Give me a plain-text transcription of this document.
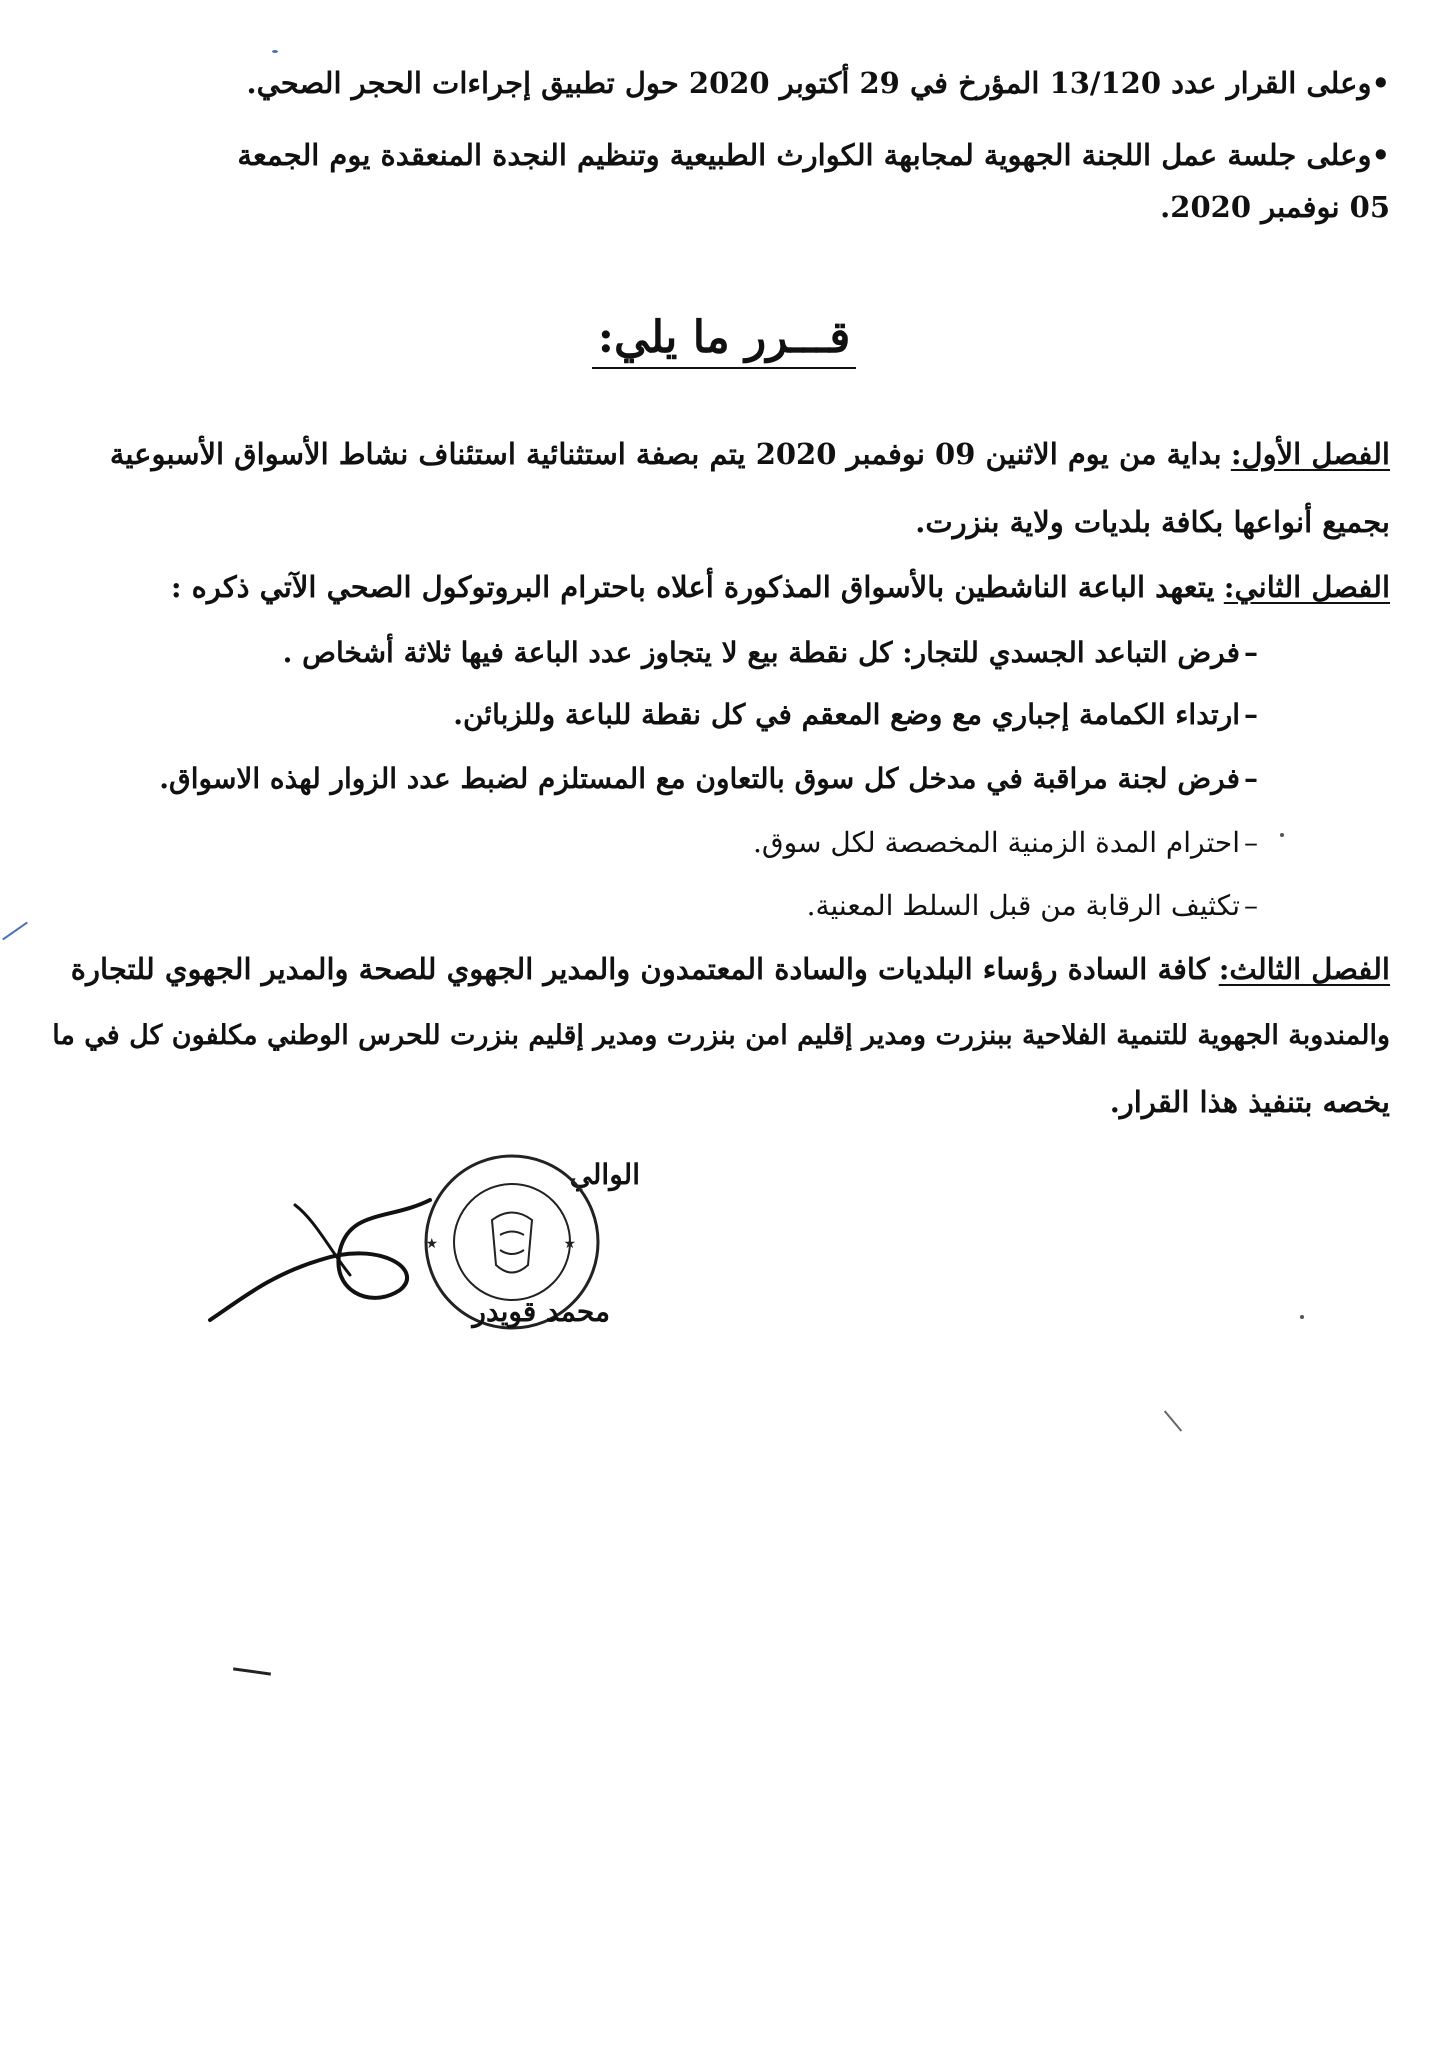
•وعلى القرار عدد 13/120 المؤرخ في 29 أكتوبر 2020 حول تطبيق إجراءات الحجر الصحي.
•وعلى جلسة عمل اللجنة الجهوية لمجابهة الكوارث الطبيعية وتنظيم النجدة المنعقدة يوم الجمعة
05 نوفمبر 2020.
قـــرر ما يلي:
الفصل الأول: بداية من يوم الاثنين 09 نوفمبر 2020 يتم بصفة استثنائية استئناف نشاط الأسواق الأسبوعية
بجميع أنواعها بكافة بلديات ولاية بنزرت.
الفصل الثاني: يتعهد الباعة الناشطين بالأسواق المذكورة أعلاه باحترام البروتوكول الصحي الآتي ذكره :
–فرض التباعد الجسدي للتجار: كل نقطة بيع لا يتجاوز عدد الباعة فيها ثلاثة أشخاص .
–ارتداء الكمامة إجباري مع وضع المعقم في كل نقطة للباعة وللزبائن.
–فرض لجنة مراقبة في مدخل كل سوق بالتعاون مع المستلزم لضبط عدد الزوار لهذه الاسواق.
–احترام المدة الزمنية المخصصة لكل سوق.
–تكثيف الرقابة من قبل السلط المعنية.
الفصل الثالث: كافة السادة رؤساء البلديات والسادة المعتمدون والمدير الجهوي للصحة والمدير الجهوي للتجارة
والمندوبة الجهوية للتنمية الفلاحية ببنزرت ومدير إقليم امن بنزرت ومدير إقليم بنزرت للحرس الوطني مكلفون كل في ما
يخصه بتنفيذ هذا القرار.
الوالي
★	★
محمد قويدر
